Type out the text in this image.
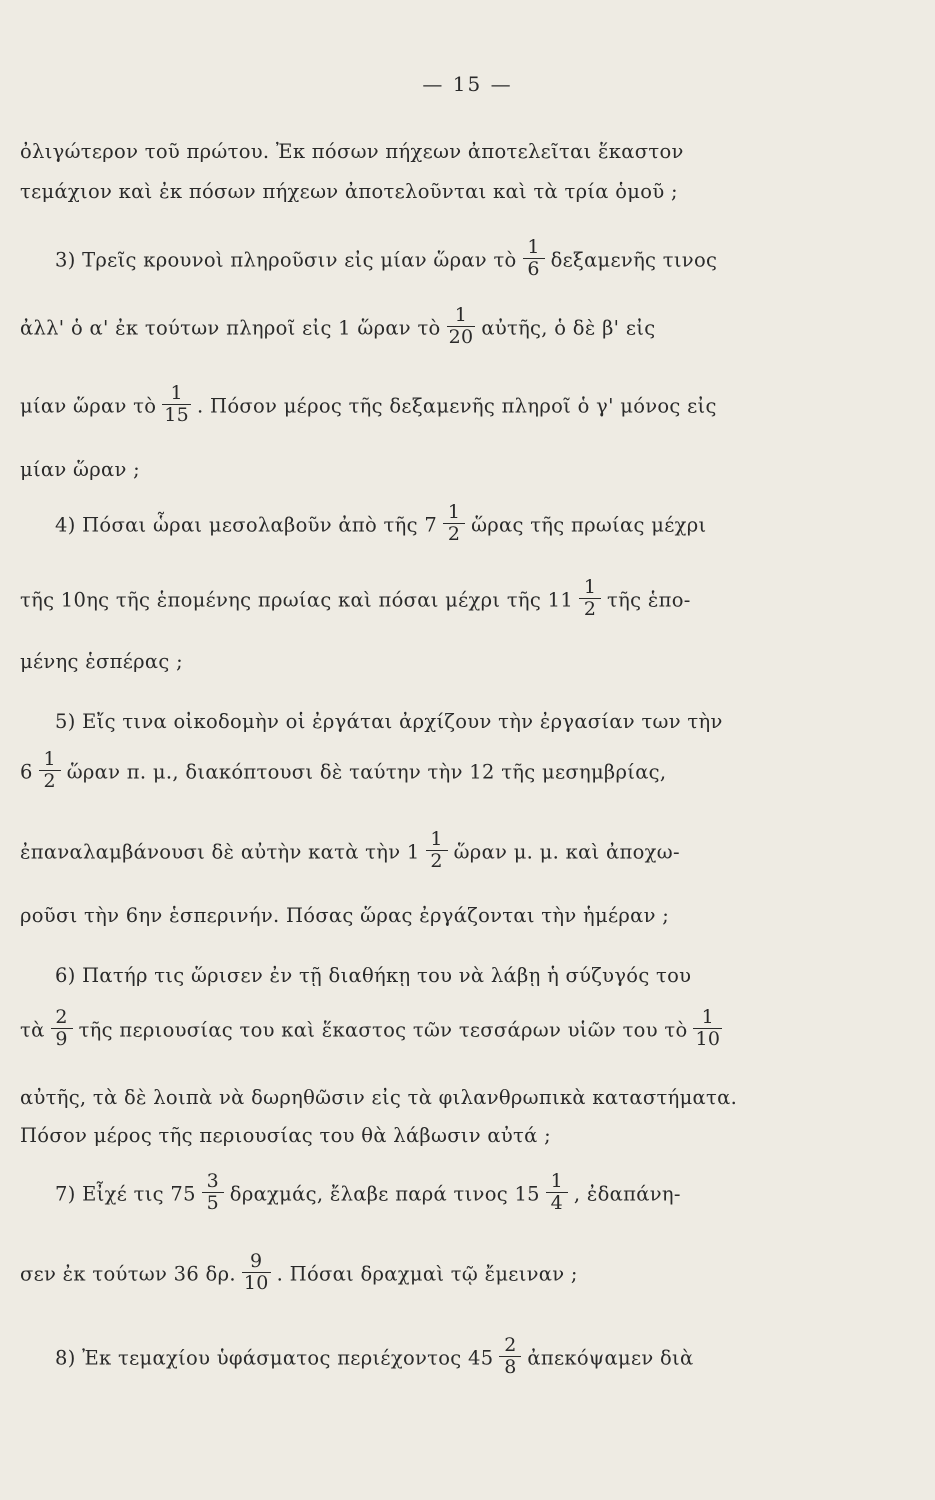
— 15 —
ὀλιγώτερον τοῦ πρώτου. Ἐκ πόσων πήχεων ἀποτελεῖται ἕκαστον
τεμάχιον καὶ ἐκ πόσων πήχεων ἀποτελοῦνται καὶ τὰ τρία ὁμοῦ ;
3) Τρεῖς κρουνοὶ πληροῦσιν εἰς μίαν ὥραν τὸ $\frac{1}{6}$ δεξαμενῆς τινος
ἀλλ' ὁ α' ἐκ τούτων πληροῖ εἰς 1 ὥραν τὸ $\frac{1}{20}$ αὐτῆς, ὁ δὲ β' εἰς
μίαν ὥραν τὸ $\frac{1}{15}$ . Πόσον μέρος τῆς δεξαμενῆς πληροῖ ὁ γ' μόνος εἰς
μίαν ὥραν ;
4) Πόσαι ὧραι μεσολαβοῦν ἀπὸ τῆς $7 \frac{1}{2}$ ὥρας τῆς πρωίας μέχρι
τῆς 10ης τῆς ἑπομένης πρωίας καὶ πόσαι μέχρι τῆς $11 \frac{1}{2}$ τῆς ἑπο-
μένης ἑσπέρας ;
5) Εἴς τινα οἰκοδομὴν οἱ ἐργάται ἀρχίζουν τὴν ἐργασίαν των τὴν
$6 \frac{1}{2}$ ὥραν π. μ., διακόπτουσι δὲ ταύτην τὴν 12 τῆς μεσημβρίας,
ἐπαναλαμβάνουσι δὲ αὐτὴν κατὰ τὴν $1 \frac{1}{2}$ ὥραν μ. μ. καὶ ἀποχω-
ροῦσι τὴν 6ην ἑσπερινήν. Πόσας ὥρας ἐργάζονται τὴν ἡμέραν ;
6) Πατήρ τις ὥρισεν ἐν τῇ διαθήκῃ του νὰ λάβῃ ἡ σύζυγός του
τὰ $\frac{2}{9}$ τῆς περιουσίας του καὶ ἕκαστος τῶν τεσσάρων υἱῶν του τὸ $\frac{1}{10}$
αὐτῆς, τὰ δὲ λοιπὰ νὰ δωρηθῶσιν εἰς τὰ φιλανθρωπικὰ καταστήματα.
Πόσον μέρος τῆς περιουσίας του θὰ λάβωσιν αὐτά ;
7) Εἶχέ τις $75 \frac{3}{5} \delta\rho\alpha\chi\mu ά\varsigma$, ἔλαβε παρά τινος $15 \frac{1}{4}$ , ἐδαπάνη-
σεν ἐκ τούτων 36 δρ. $\frac{9}{10}$ . Πόσαι δραχμαὶ τῷ ἔμειναν ;
8) Ἐκ τεμαχίου ὑφάσματος περιέχοντος $45 \frac{2}{8}$ ἀπεκόψαμεν διὰ
